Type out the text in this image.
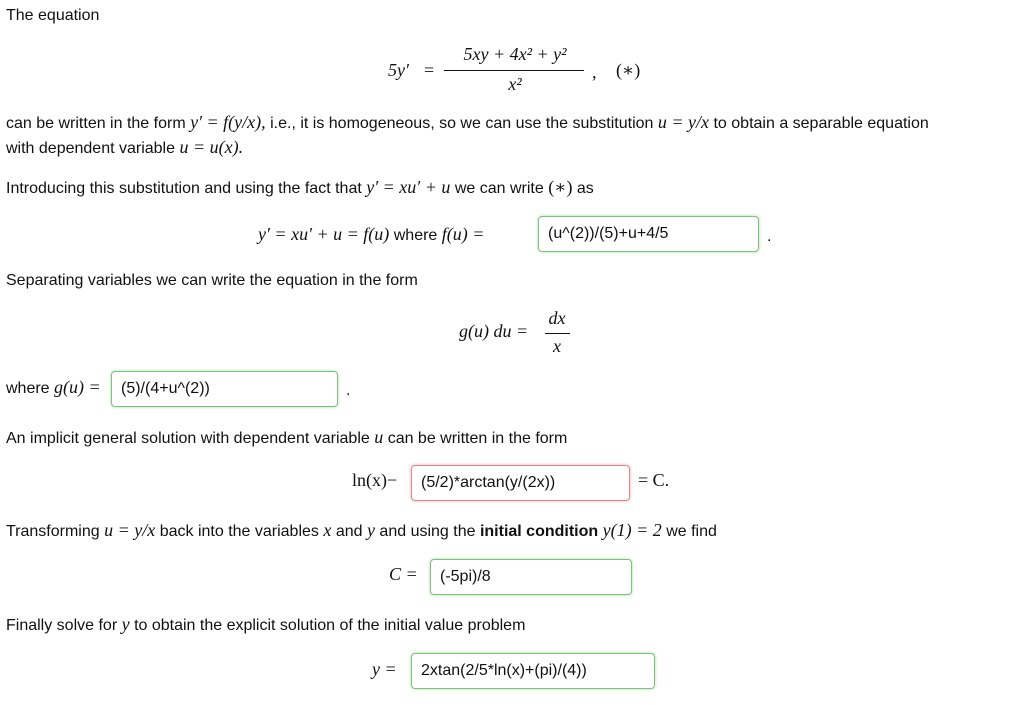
The equation
5y′ =
5xy + 4x² + y²
x²
, (∗)
can be written in the form y′ = f(y/x), i.e., it is homogeneous, so we can use the substitution u = y/x to obtain a separable equation
with dependent variable u = u(x).
Introducing this substitution and using the fact that y′ = xu′ + u we can write (∗) as
y′ = xu′ + u = f(u) where f(u) =	(u^(2))/(5)+u+4/5	.
Separating variables we can write the equation in the form
g(u) du =
dx
x
where g(u) =	(5)/(4+u^(2))	.
An implicit general solution with dependent variable u can be written in the form
ln(x)−	(5/2)*arctan(y/(2x))	= C.
Transforming u = y/x back into the variables x and y and using the initial condition y(1) = 2 we find
C =	(-5pi)/8
Finally solve for y to obtain the explicit solution of the initial value problem
y =	2xtan(2/5*ln(x)+(pi)/(4))
